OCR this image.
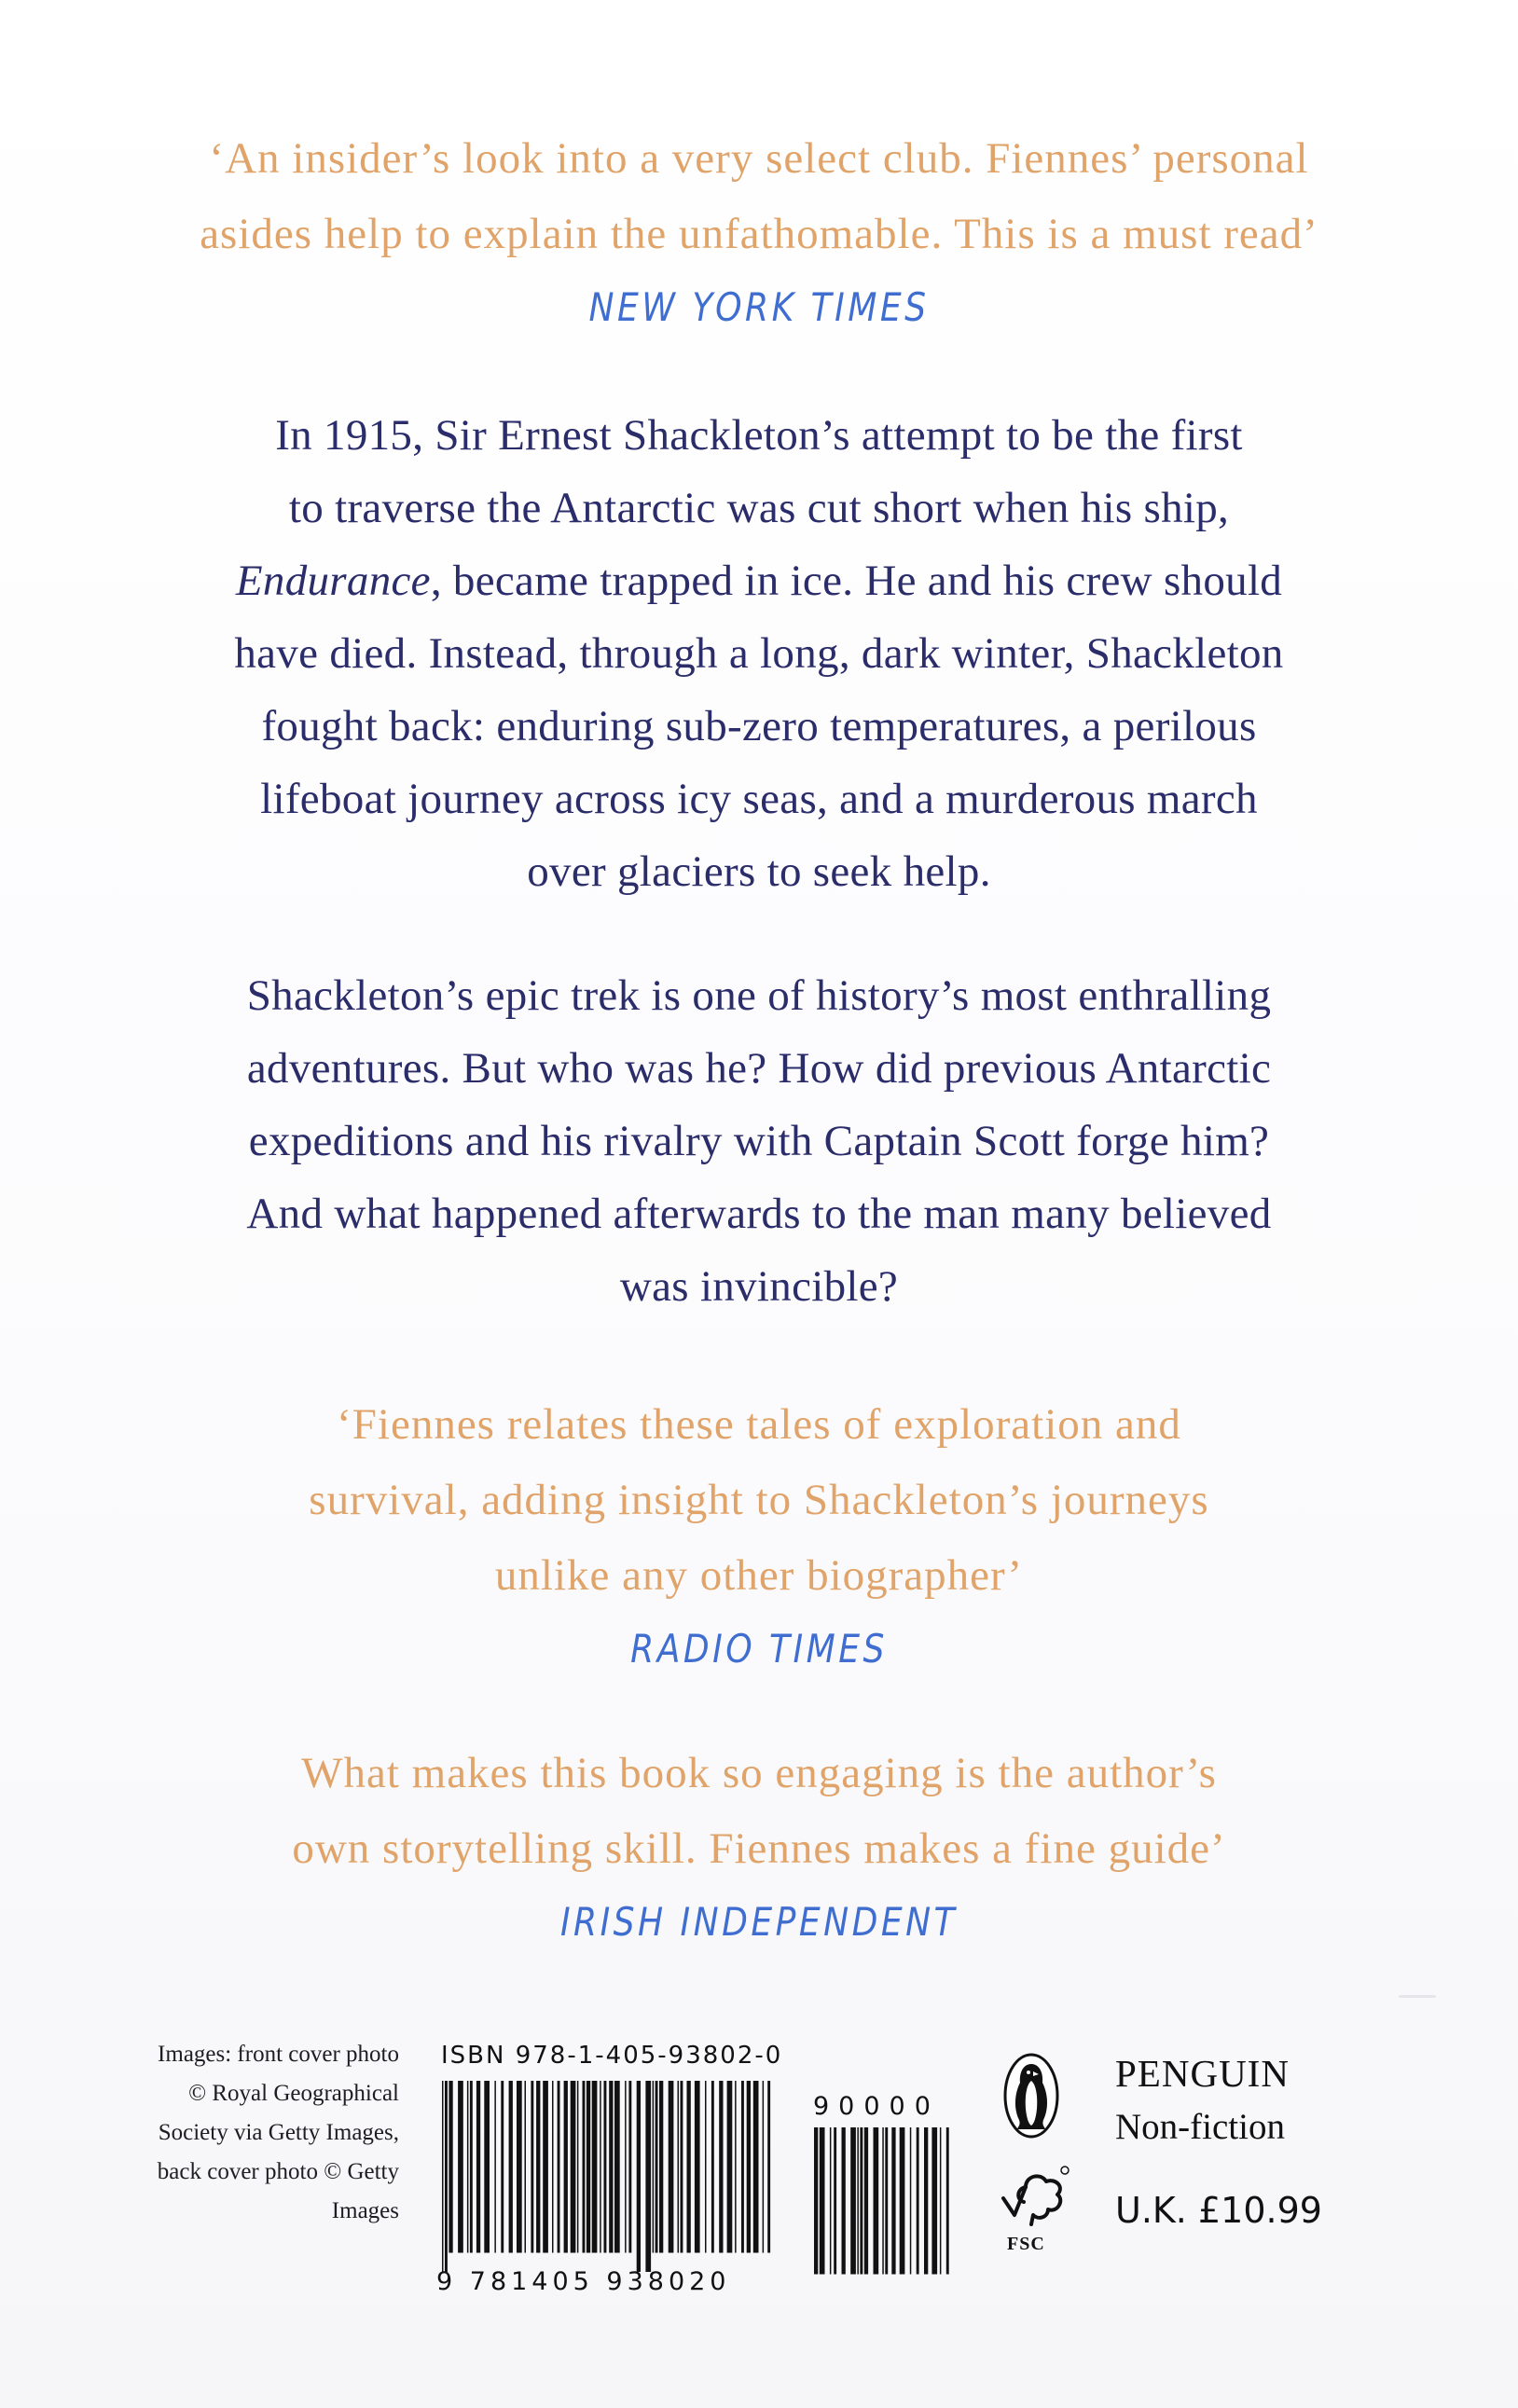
‘An insider’s look into a very select club. Fiennes’ personal
asides help to explain the unfathomable. This is a must read’
NEW YORK TIMES
In 1915, Sir Ernest Shackleton’s attempt to be the first
to traverse the Antarctic was cut short when his ship,
Endurance, became trapped in ice. He and his crew should
have died. Instead, through a long, dark winter, Shackleton
fought back: enduring sub-zero temperatures, a perilous
lifeboat journey across icy seas, and a murderous march
over glaciers to seek help.
Shackleton’s epic trek is one of history’s most enthralling
adventures. But who was he? How did previous Antarctic
expeditions and his rivalry with Captain Scott forge him?
And what happened afterwards to the man many believed
was invincible?
‘Fiennes relates these tales of exploration and
survival, adding insight to Shackleton’s journeys
unlike any other biographer’
RADIO TIMES
What makes this book so engaging is the author’s
own storytelling skill. Fiennes makes a fine guide’
IRISH INDEPENDENT
Images: front cover photo
© Royal Geographical
Society via Getty Images,
back cover photo © Getty
Images
ISBN 978-1-405-93802-0
9 781405 938020
90000
FSC
PENGUIN
Non-fiction
U.K. £10.99
